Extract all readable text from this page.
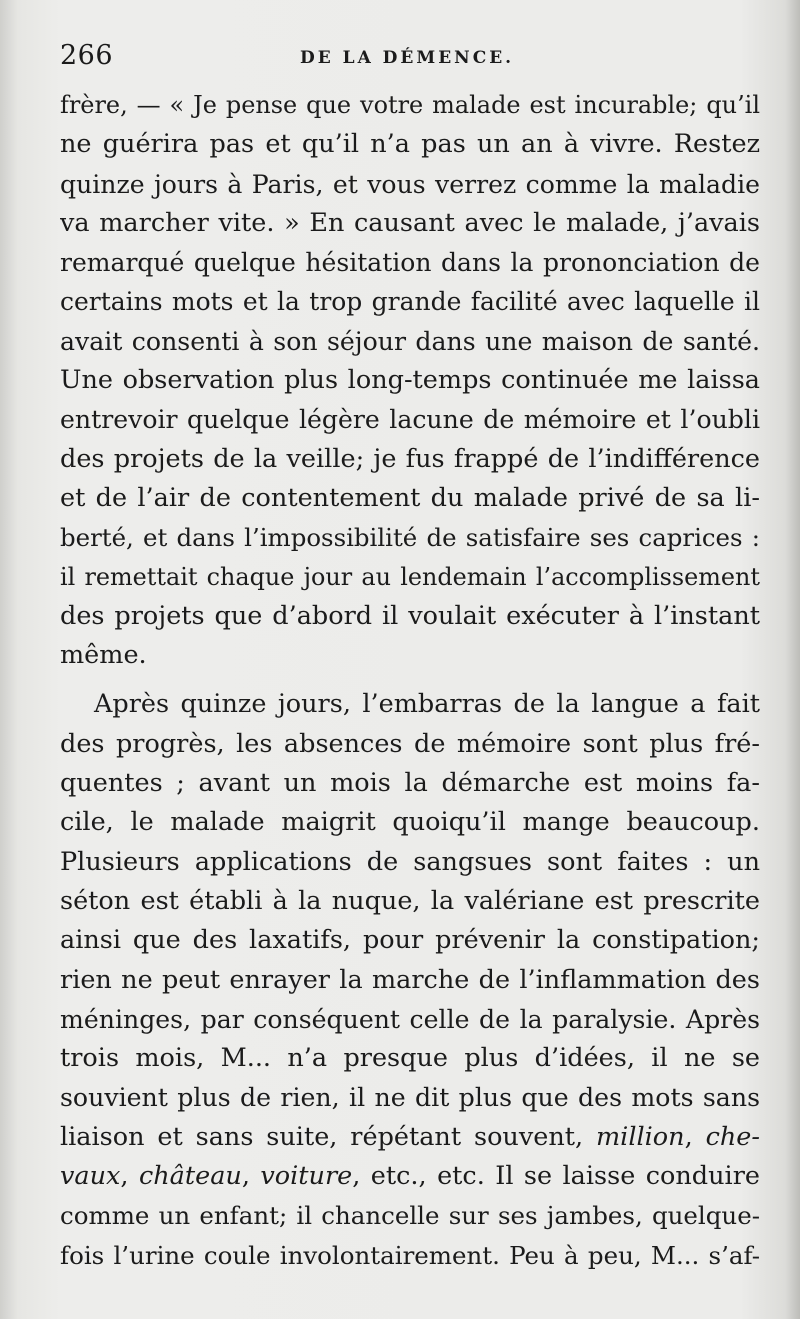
266	DE LA DÉMENCE.
frère, — « Je pense que votre malade est incurable; qu’il
ne guérira pas et qu’il n’a pas un an à vivre. Restez
quinze jours à Paris, et vous verrez comme la maladie
va marcher vite. » En causant avec le malade, j’avais
remarqué quelque hésitation dans la prononciation de
certains mots et la trop grande facilité avec laquelle il
avait consenti à son séjour dans une maison de santé.
Une observation plus long-temps continuée me laissa
entrevoir quelque légère lacune de mémoire et l’oubli
des projets de la veille; je fus frappé de l’indifférence
et de l’air de contentement du malade privé de sa li-
berté, et dans l’impossibilité de satisfaire ses caprices :
il remettait chaque jour au lendemain l’accomplissement
des projets que d’abord il voulait exécuter à l’instant
même.
Après quinze jours, l’embarras de la langue a fait
des progrès, les absences de mémoire sont plus fré-
quentes ; avant un mois la démarche est moins fa-
cile, le malade maigrit quoiqu’il mange beaucoup.
Plusieurs applications de sangsues sont faites : un
séton est établi à la nuque, la valériane est prescrite
ainsi que des laxatifs, pour prévenir la constipation;
rien ne peut enrayer la marche de l’inflammation des
méninges, par conséquent celle de la paralysie. Après
trois mois, M... n’a presque plus d’idées, il ne se
souvient plus de rien, il ne dit plus que des mots sans
liaison et sans suite, répétant souvent, million, che-
vaux, château, voiture, etc., etc. Il se laisse conduire
comme un enfant; il chancelle sur ses jambes, quelque-
fois l’urine coule involontairement. Peu à peu, M... s’af-
